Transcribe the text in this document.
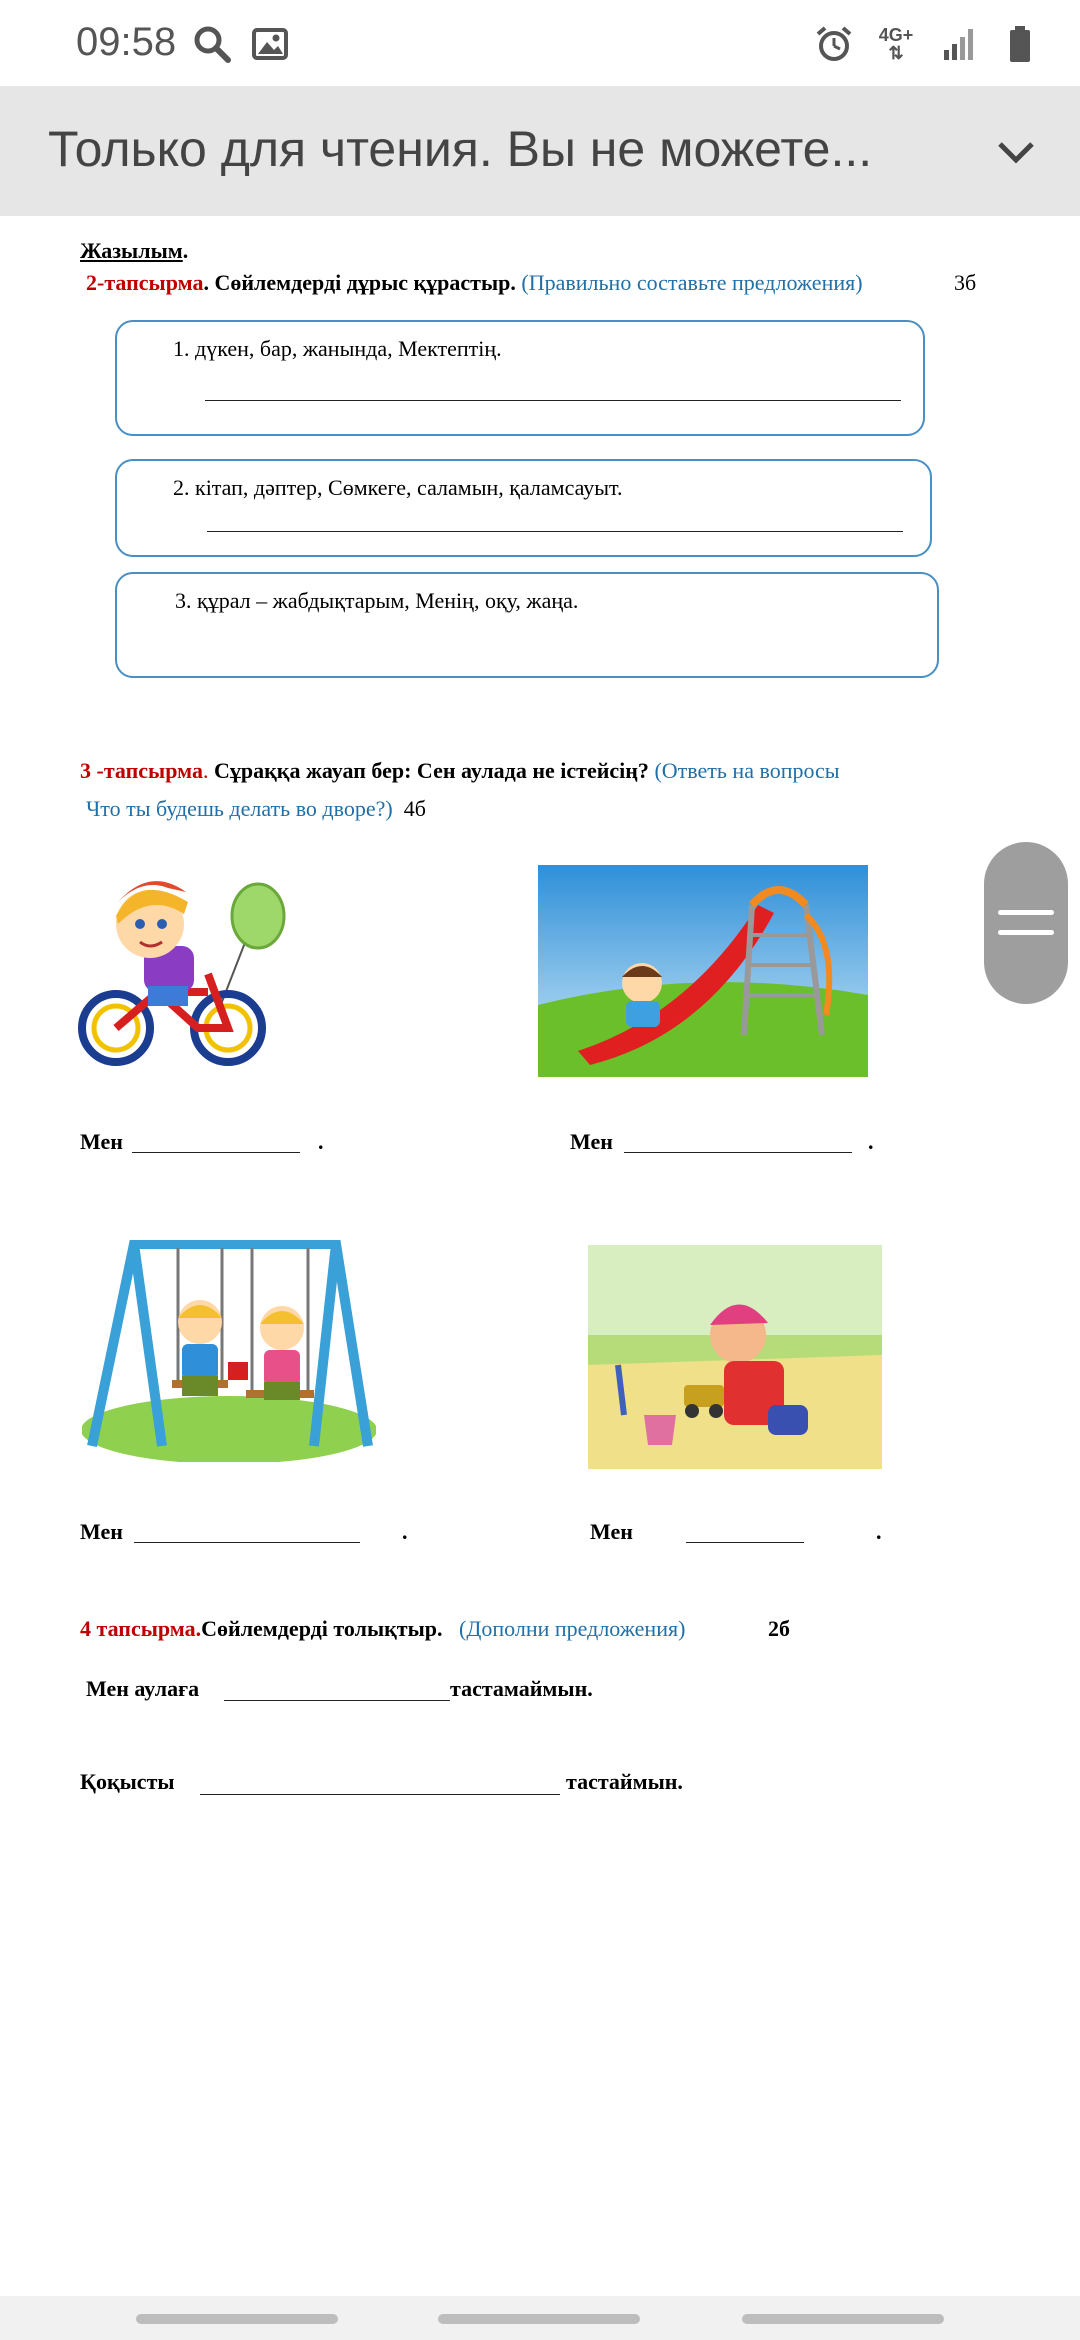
09:58	4G+
⇅
Только для чтения. Вы не можете...
Жазылым.
2-тапсырма. Сөйлемдерді дұрыс құрастыр. (Правильно составьте предложения)	3б
1. дүкен, бар, жанында, Мектептің.
2. кітап, дәптер, Сөмкеге, саламын, қаламсауыт.
3. құрал – жабдықтарым, Менің, оқу, жаңа.
3 -тапсырма. Сұраққа жауап бер: Сен аулада не істейсің? (Ответь на вопросы
Что ты будешь делать во дворе?) 4б
Мен	.	Мен	.
Мен	.	Мен	.
4 тапсырма.Сөйлемдерді толықтыр. (Дополни предложения)	2б
Мен аулаға	тастамаймын.
Қоқысты	тастаймын.
